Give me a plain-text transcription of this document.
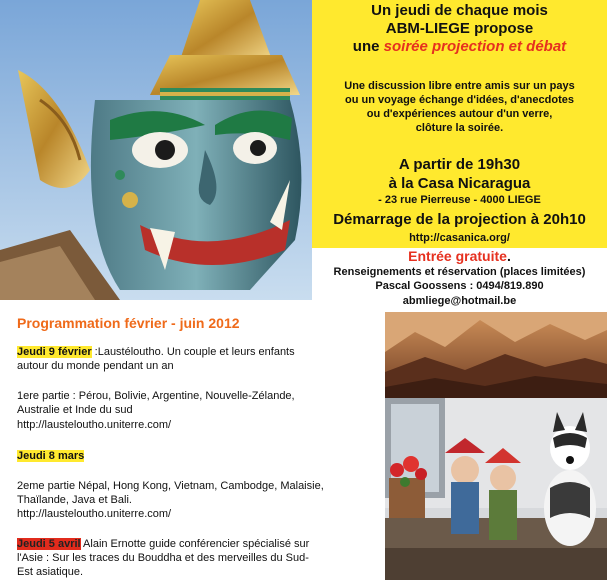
Un jeudi de chaque mois
ABM-LIEGE propose
une soirée projection et débat
Une discussion libre entre amis sur un pays
ou un voyage échange d'idées, d'anecdotes
ou d'expériences autour d'un verre,
clôture la soirée.
A partir de 19h30
à la Casa Nicaragua
- 23 rue Pierreuse - 4000 LIEGE
Démarrage de la projection à 20h10
http://casanica.org/
Entrée gratuite.
Renseignements et réservation (places limitées)
Pascal Goossens : 0494/819.890
abmliege@hotmail.be
Programmation février - juin 2012
Jeudi 9 février :Laustéloutho. Un couple et leurs enfants
autour du monde pendant un an
1ere partie : Pérou, Bolivie, Argentine, Nouvelle-Zélande,
Australie et Inde du sud
http://lausteloutho.uniterre.com/
Jeudi 8 mars
2eme partie Népal, Hong Kong, Vietnam, Cambodge, Malaisie,
Thaïlande, Java et Bali.
http://lausteloutho.uniterre.com/
Jeudi 5 avril Alain Ernotte guide conférencier spécialisé sur
l'Asie : Sur les traces du Bouddha et des merveilles du Sud-
Est asiatique.
